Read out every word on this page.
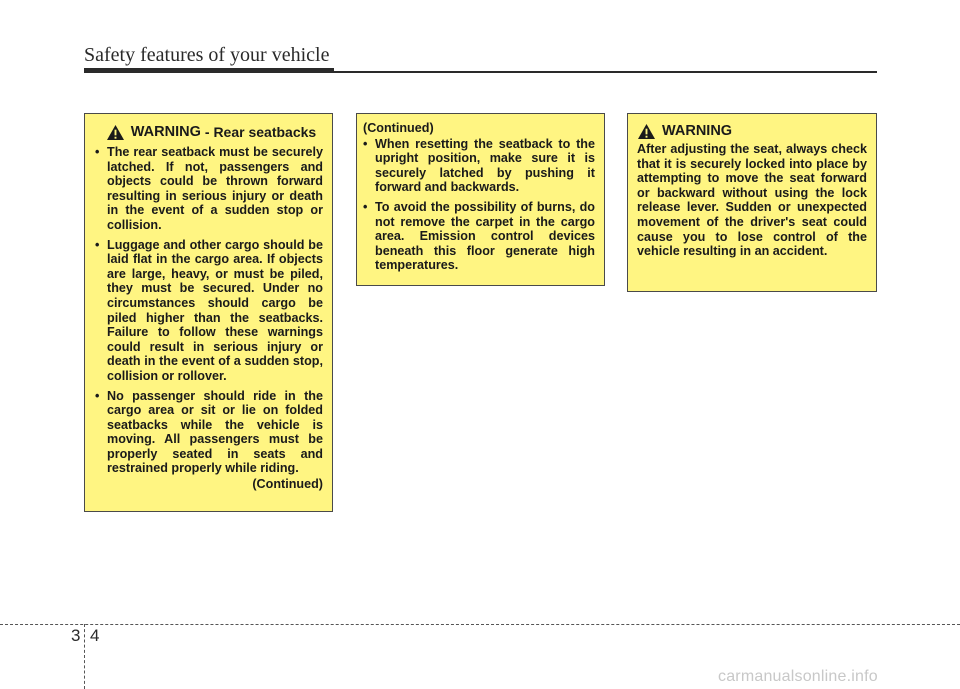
Safety features of your vehicle
WARNING - Rear seatbacks
• The rear seatback must be securely latched. If not, passengers and objects could be thrown forward resulting in serious injury or death in the event of a sudden stop or collision.
• Luggage and other cargo should be laid flat in the cargo area. If objects are large, heavy, or must be piled, they must be secured. Under no circumstances should cargo be piled higher than the seatbacks. Failure to follow these warnings could result in serious injury or death in the event of a sudden stop, collision or rollover.
• No passenger should ride in the cargo area or sit or lie on folded seatbacks while the vehicle is moving. All passengers must be properly seated in seats and restrained properly while riding.
(Continued)
(Continued)
• When resetting the seatback to the upright position, make sure it is securely latched by pushing it forward and backwards.
• To avoid the possibility of burns, do not remove the carpet in the cargo area. Emission control devices beneath this floor generate high temperatures.
WARNING
After adjusting the seat, always check that it is securely locked into place by attempting to move the seat forward or backward without using the lock release lever. Sudden or unexpected movement of the driver's seat could cause you to lose control of the vehicle resulting in an accident.
3 4
carmanualsonline.info
